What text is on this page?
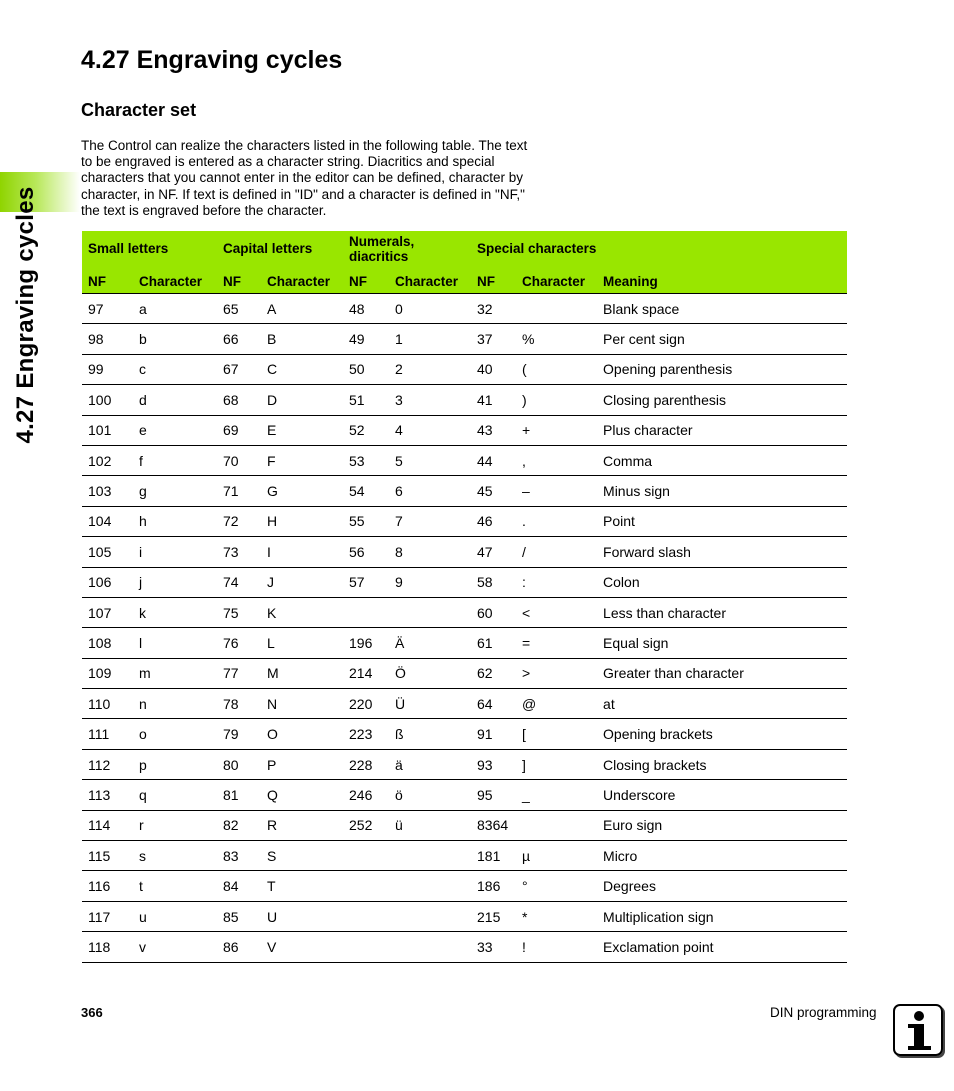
4.27 Engraving cycles
4.27 Engraving cycles
Character set

The Control can realize the characters listed in the following table. The text to be engraved is entered as a character string. Diacritics and special characters that you cannot enter in the editor can be defined, character by character, in NF. If text is defined in "ID" and a character is defined in "NF," the text is engraved before the character.

Small letters		Capital letters		Numerals, diacritics		Special characters		
NF	Character	NF	Character	NF	Character	NF	Character	Meaning
97	a	65	A	48	0	32		Blank space
98	b	66	B	49	1	37	%	Per cent sign
99	c	67	C	50	2	40	(	Opening parenthesis
100	d	68	D	51	3	41	)	Closing parenthesis
101	e	69	E	52	4	43	+	Plus character
102	f	70	F	53	5	44	,	Comma
103	g	71	G	54	6	45	–	Minus sign
104	h	72	H	55	7	46	.	Point
105	i	73	I	56	8	47	/	Forward slash
106	j	74	J	57	9	58	:	Colon
107	k	75	K			60	<	Less than character
108	l	76	L	196	Ä	61	=	Equal sign
109	m	77	M	214	Ö	62	>	Greater than character
110	n	78	N	220	Ü	64	@	at
111	o	79	O	223	ß	91	[	Opening brackets
112	p	80	P	228	ä	93	]	Closing brackets
113	q	81	Q	246	ö	95	_	Underscore
114	r	82	R	252	ü	8364		Euro sign
115	s	83	S			181	µ	Micro
116	t	84	T			186	°	Degrees
117	u	85	U			215	*	Multiplication sign
118	v	86	V			33	!	Exclamation point
366	DIN programming
